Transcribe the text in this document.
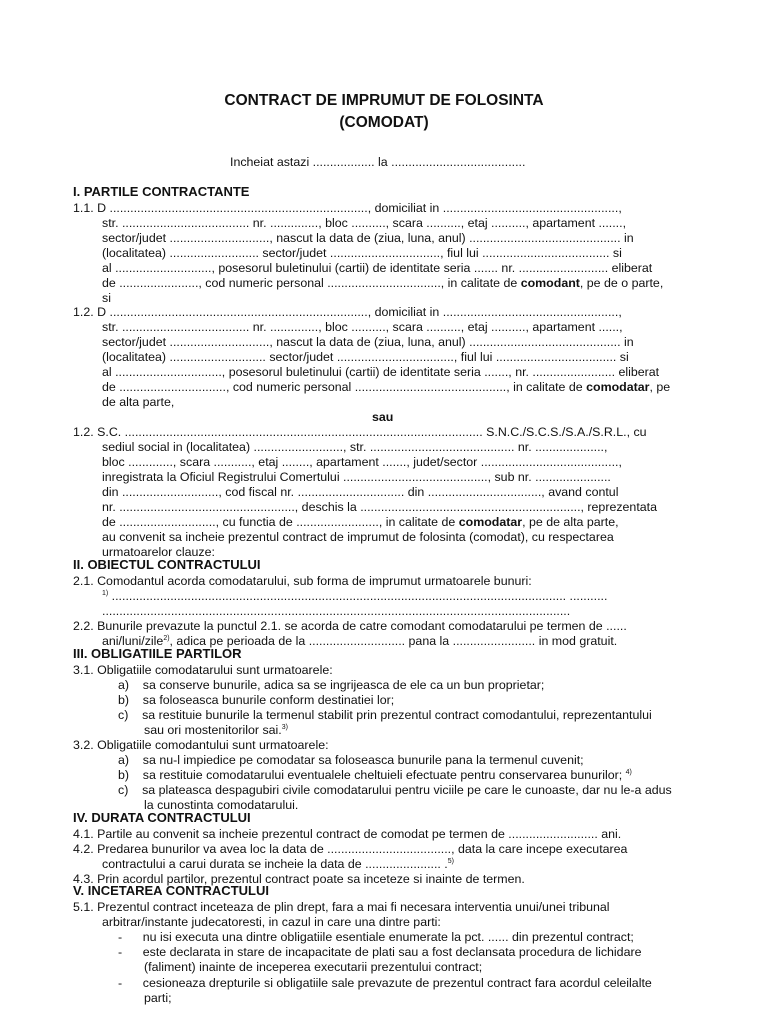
CONTRACT DE IMPRUMUT DE FOLOSINTA
(COMODAT)
Incheiat astazi .................. la .......................................
I. PARTILE CONTRACTANTE
II. OBIECTUL CONTRACTULUI
III. OBLIGATIILE PARTILOR
IV. DURATA CONTRACTULUI
V. INCETAREA CONTRACTULUI
1.1. D ..........................................................................., domiciliat in ...................................................,
str. ..................................... nr. .............., bloc .........., scara .........., etaj .........., apartament .......,
sector/judet ............................., nascut la data de (ziua, luna, anul) ............................................ in
(localitatea) .......................... sector/judet ................................, fiul lui ..................................... si
al ............................, posesorul buletinului (cartii) de identitate seria ....... nr. .......................... eliberat
de ......................., cod numeric personal ................................., in calitate de comodant, pe de o parte,
si
1.2. D ..........................................................................., domiciliat in ...................................................,
str. ..................................... nr. .............., bloc .........., scara .........., etaj .........., apartament ......,
sector/judet ............................., nascut la data de (ziua, luna, anul) ............................................ in
(localitatea) ............................ sector/judet .................................., fiul lui ................................... si
al ..............................., posesorul buletinului (cartii) de identitate seria ......., nr. ........................ eliberat
de ..............................., cod numeric personal ............................................, in calitate de comodatar, pe
de alta parte,
sau
1.2. S.C. ........................................................................................................ S.N.C./S.C.S./S.A./S.R.L., cu
sediul social in (localitatea) .........................., str. .......................................... nr. ....................,
bloc ............., scara ..........., etaj ........, apartament ......., judet/sector ........................................,
inregistrata la Oficiul Registrului Comertului .........................................., sub nr. ......................
din ............................, cod fiscal nr. ............................... din ................................., avand contul
nr. ..................................................., deschis la ................................................................, reprezentata
de ............................, cu functia de ........................, in calitate de comodatar, pe de alta parte,
au convenit sa incheie prezentul contract de imprumut de folosinta (comodat), cu respectarea
urmatoarelor clauze:
2.1. Comodantul acorda comodatarului, sub forma de imprumut urmatoarele bunuri:
$^{1)}$ .................................................................................................................................... ...........
........................................................................................................................................
2.2. Bunurile prevazute la punctul 2.1. se acorda de catre comodant comodatarului pe termen de ......
ani/luni/zile$^{2)}$, adica pe perioada de la ............................ pana la ........................ in mod gratuit.
3.1. Obligatiile comodatarului sunt urmatoarele:
a)    sa conserve bunurile, adica sa se ingrijeasca de ele ca un bun proprietar;
b)    sa foloseasca bunurile conform destinatiei lor;
c)    sa restituie bunurile la termenul stabilit prin prezentul contract comodantului, reprezentantului
sau ori mostenitorilor sai.$^{3)}$
3.2. Obligatiile comodantului sunt urmatoarele:
a)    sa nu-l impiedice pe comodatar sa foloseasca bunurile pana la termenul cuvenit;
b)    sa restituie comodatarului eventualele cheltuieli efectuate pentru conservarea bunurilor; $^{4)}$
c)    sa plateasca despagubiri civile comodatarului pentru viciile pe care le cunoaste, dar nu le-a adus
la cunostinta comodatarului.
4.1. Partile au convenit sa incheie prezentul contract de comodat pe termen de .......................... ani.
4.2. Predarea bunurilor va avea loc la data de ...................................., data la care incepe executarea
contractului a carui durata se incheie la data de ...................... .$^{5)}$
4.3. Prin acordul partilor, prezentul contract poate sa inceteze si inainte de termen.
5.1. Prezentul contract inceteaza de plin drept, fara a mai fi necesara interventia unui/unei tribunal
arbitrar/instante judecatoresti, in cazul in care una dintre parti:
-      nu isi executa una dintre obligatiile esentiale enumerate la pct. ...... din prezentul contract;
-      este declarata in stare de incapacitate de plati sau a fost declansata procedura de lichidare
(faliment) inainte de inceperea executarii prezentului contract;
-      cesioneaza drepturile si obligatiile sale prevazute de prezentul contract fara acordul celeilalte
parti;
